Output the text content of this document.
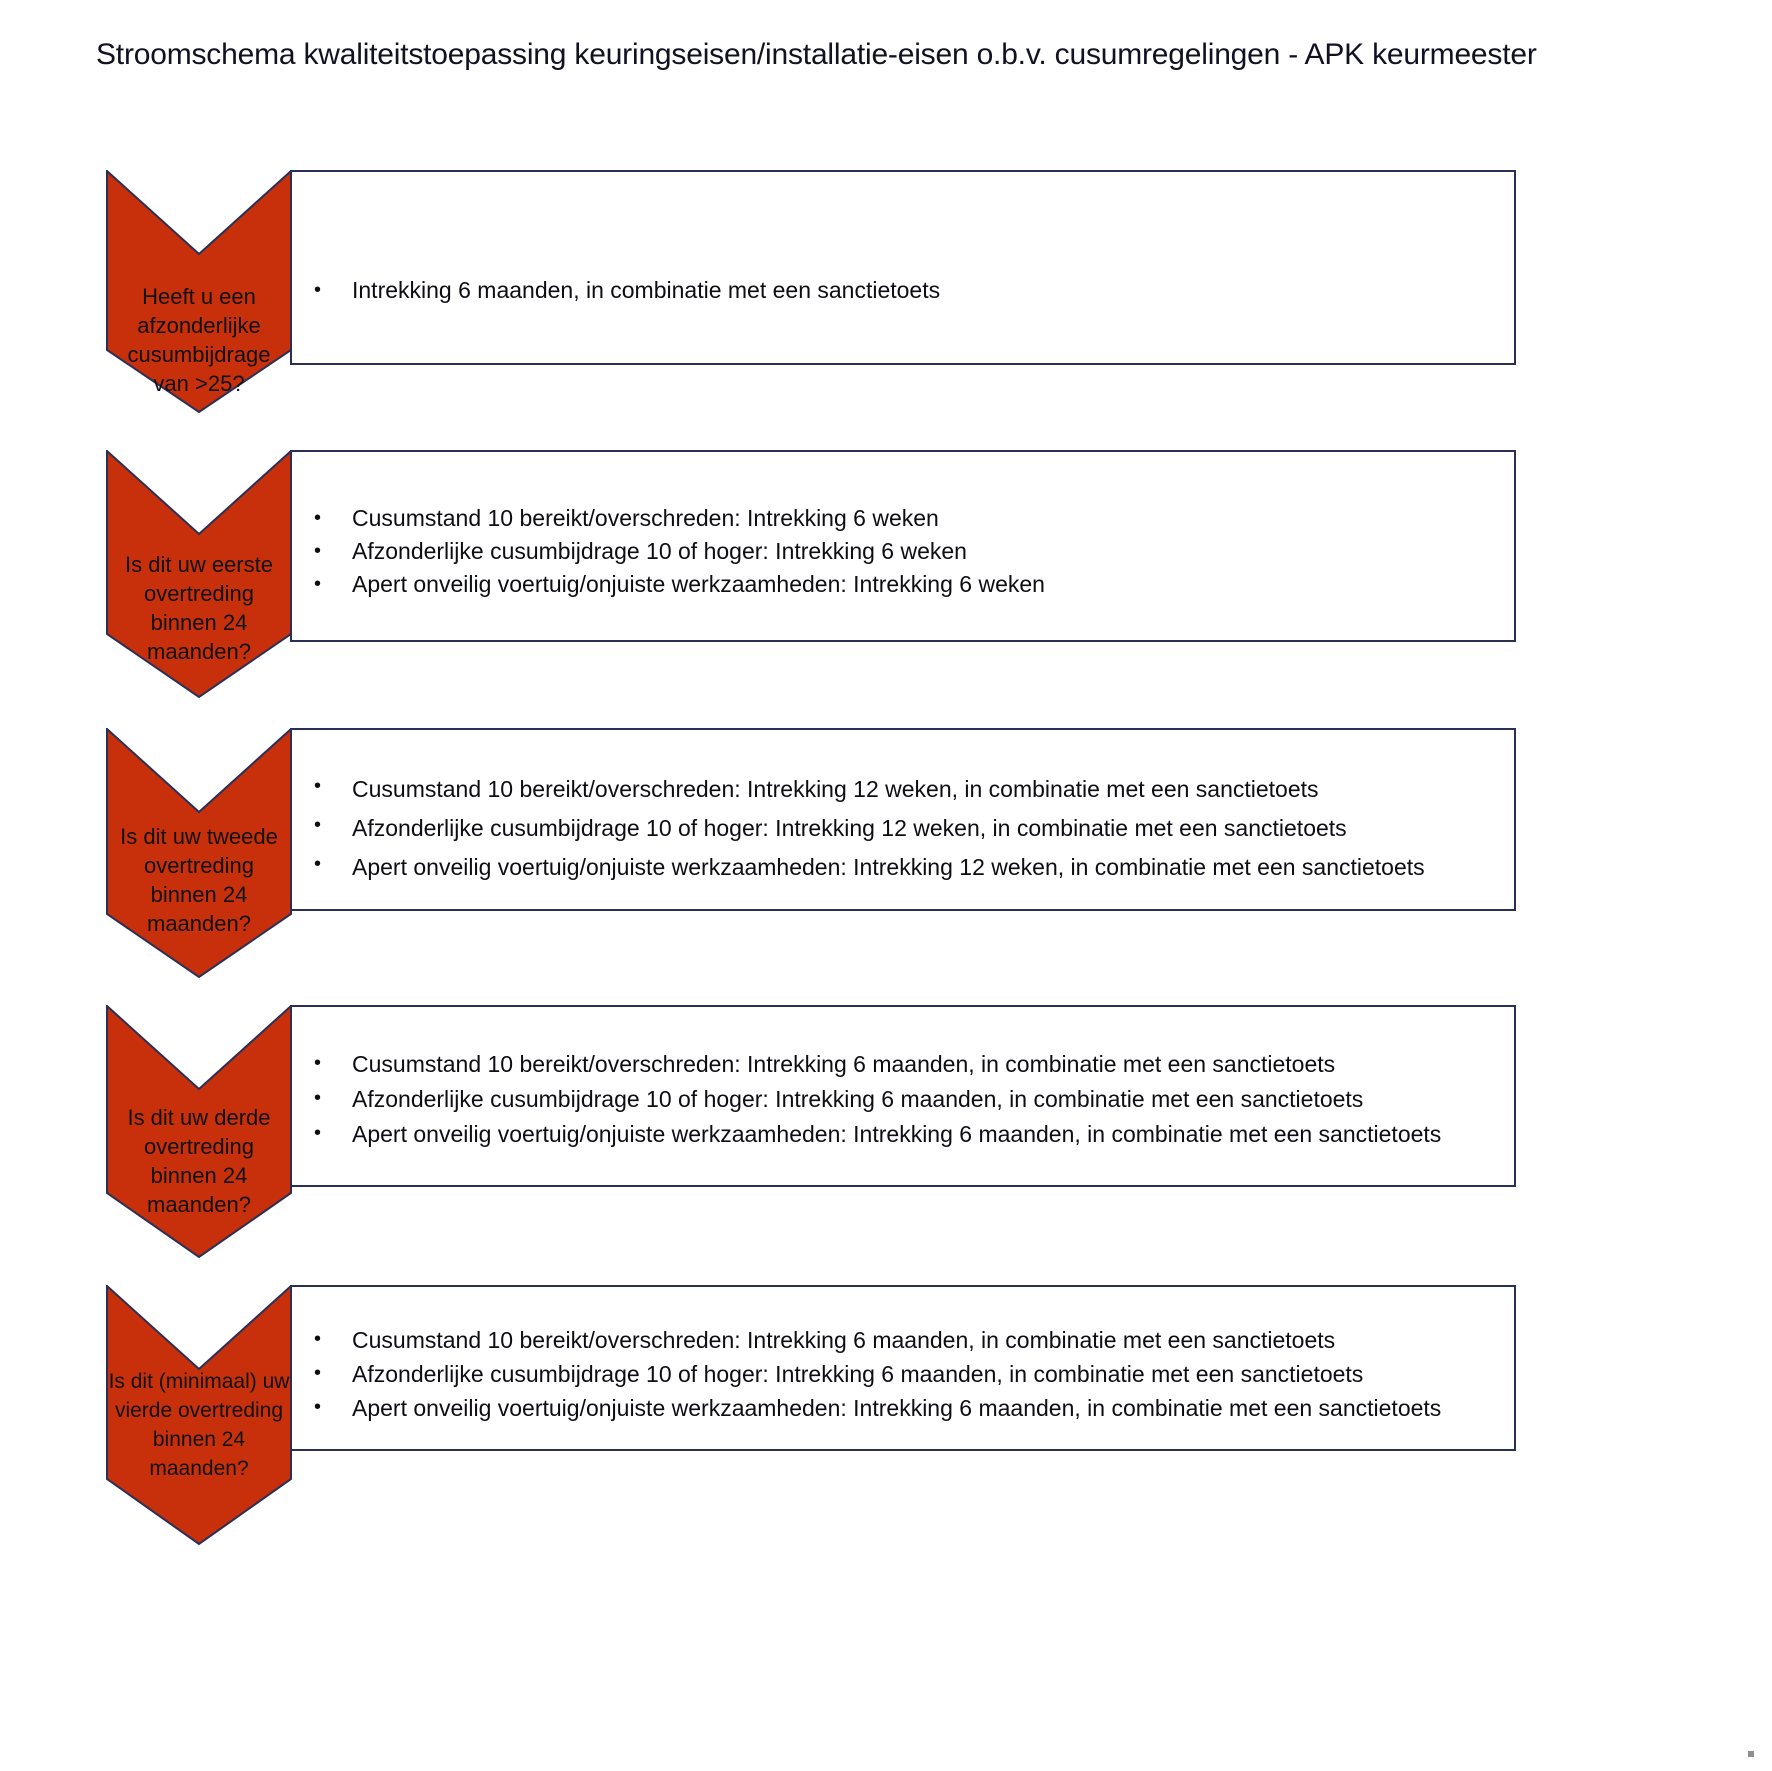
Stroomschema kwaliteitstoepassing keuringseisen/installatie-eisen o.b.v. cusumregelingen - APK keurmeester
Heeft u een afzonderlijke cusumbijdrage van >25?
• Intrekking 6 maanden, in combinatie met een sanctietoets
Is dit uw eerste overtreding binnen 24 maanden?
• Cusumstand 10 bereikt/overschreden: Intrekking 6 weken
• Afzonderlijke cusumbijdrage 10 of hoger: Intrekking 6 weken
• Apert onveilig voertuig/onjuiste werkzaamheden: Intrekking 6 weken
Is dit uw tweede overtreding binnen 24 maanden?
• Cusumstand 10 bereikt/overschreden: Intrekking 12 weken, in combinatie met een sanctietoets
• Afzonderlijke cusumbijdrage 10 of hoger: Intrekking 12 weken, in combinatie met een sanctietoets
• Apert onveilig voertuig/onjuiste werkzaamheden: Intrekking 12 weken, in combinatie met een sanctietoets
Is dit uw derde overtreding binnen 24 maanden?
• Cusumstand 10 bereikt/overschreden: Intrekking 6 maanden, in combinatie met een sanctietoets
• Afzonderlijke cusumbijdrage 10 of hoger: Intrekking 6 maanden, in combinatie met een sanctietoets
• Apert onveilig voertuig/onjuiste werkzaamheden: Intrekking 6 maanden, in combinatie met een sanctietoets
Is dit (minimaal) uw vierde overtreding binnen 24 maanden?
• Cusumstand 10 bereikt/overschreden: Intrekking 6 maanden, in combinatie met een sanctietoets
• Afzonderlijke cusumbijdrage 10 of hoger: Intrekking 6 maanden, in combinatie met een sanctietoets
• Apert onveilig voertuig/onjuiste werkzaamheden: Intrekking 6 maanden, in combinatie met een sanctietoets
